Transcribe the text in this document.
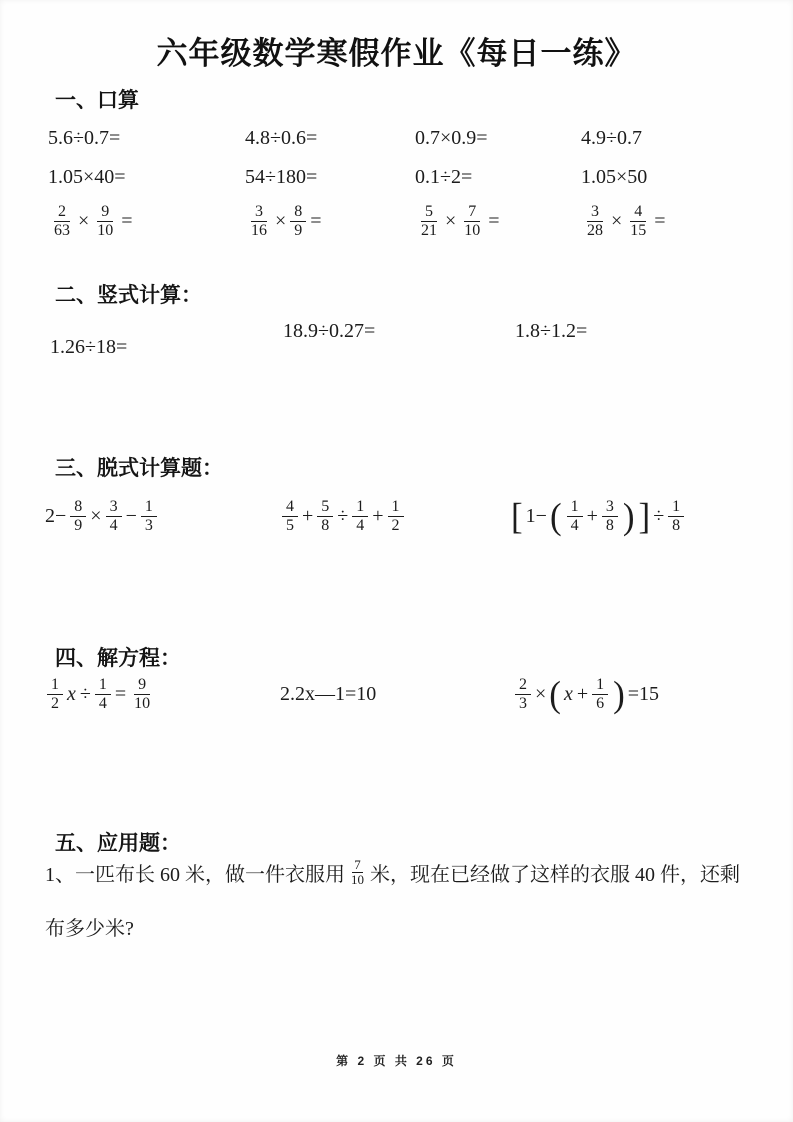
六年级数学寒假作业《每日一练》
一、口算
5.6÷0.7=	4.8÷0.6=	0.7×0.9=	4.9÷0.7
1.05×40=	54÷180=	0.1÷2=	1.05×50
$\frac{2}{63} \times \frac{9}{10}$ =	$\frac{3}{16} \times \frac{8}{9}$ =	$\frac{5}{21} \times \frac{7}{10}$ =	$\frac{3}{28} \times \frac{4}{15}$ =
二、竖式计算：
1.26÷18=
18.9÷0.27=	1.8÷1.2=
三、脱式计算题：
$2- \frac{8}{9} \times \frac{3}{4} - \frac{1}{3}$	$\frac{4}{5} + \frac{5}{8} \div \frac{1}{4} + \frac{1}{2}$	[ 1− ( $\frac{1}{4} + \frac{3}{8}$ ) ] ÷ $\frac{1}{8}$
四、解方程：
$\frac{1}{2}$ $x \div \frac{1}{4} = \frac{9}{10}$	2.2x—1=10	$\frac{2}{3}$ × ( $x + \frac{1}{6}$ ) =15
五、应用题：
1、一匹布长 60 米，做一件衣服用 $\frac{7}{10}$ 米，现在已经做了这样的衣服 40 件，还剩
布多少米?
第 2 页 共 26 页
